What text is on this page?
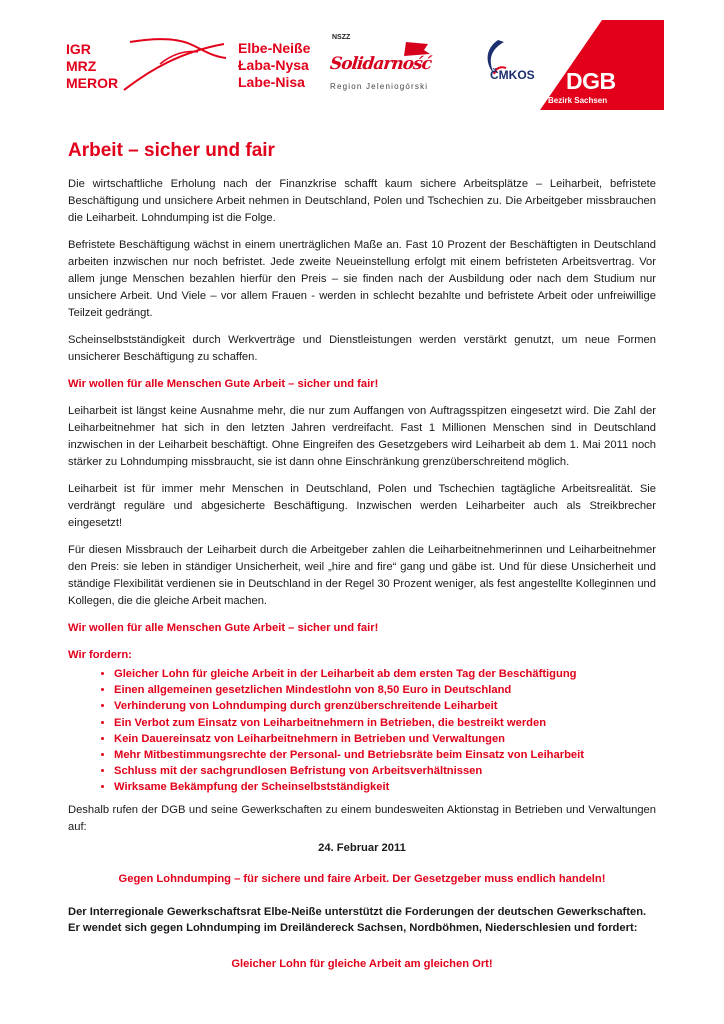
IGR
MRZ
MEROR
Elbe-Neiße
Łaba-Nysa
Labe-Nisa
NSZZ
Solidarność
Region Jeleniogórski
ČMKOS DGB
Bezirk Sachsen
Arbeit – sicher und fair

Die wirtschaftliche Erholung nach der Finanzkrise schafft kaum sichere Arbeitsplätze – Leiharbeit, befristete Beschäftigung und unsichere Arbeit nehmen in Deutschland, Polen und Tschechien zu. Die Arbeitgeber missbrauchen die Leiharbeit. Lohndumping ist die Folge.

Befristete Beschäftigung wächst in einem unerträglichen Maße an. Fast 10 Prozent der Beschäftigten in Deutschland arbeiten inzwischen nur noch befristet. Jede zweite Neueinstellung erfolgt mit einem befristeten Arbeitsvertrag. Vor allem junge Menschen bezahlen hierfür den Preis – sie finden nach der Ausbildung oder nach dem Studium nur unsichere Arbeit. Und Viele – vor allem Frauen - werden in schlecht bezahlte und befristete Arbeit oder unfreiwillige Teilzeit gedrängt.

Scheinselbstständigkeit durch Werkverträge und Dienstleistungen werden verstärkt genutzt, um neue Formen unsicherer Beschäftigung zu schaffen.

Wir wollen für alle Menschen Gute Arbeit – sicher und fair!

Leiharbeit ist längst keine Ausnahme mehr, die nur zum Auffangen von Auftragsspitzen eingesetzt wird. Die Zahl der Leiharbeitnehmer hat sich in den letzten Jahren verdreifacht. Fast 1 Millionen Menschen sind in Deutschland inzwischen in der Leiharbeit beschäftigt. Ohne Eingreifen des Gesetzgebers wird Leiharbeit ab dem 1. Mai 2011 noch stärker zu Lohndumping missbraucht, sie ist dann ohne Einschränkung grenzüberschreitend möglich.

Leiharbeit ist für immer mehr Menschen in Deutschland, Polen und Tschechien tagtägliche Arbeitsrealität. Sie verdrängt reguläre und abgesicherte Beschäftigung. Inzwischen werden Leiharbeiter auch als Streikbrecher eingesetzt!

Für diesen Missbrauch der Leiharbeit durch die Arbeitgeber zahlen die Leiharbeitnehmerinnen und Leiharbeitnehmer den Preis: sie leben in ständiger Unsicherheit, weil „hire and fire“ gang und gäbe ist. Und für diese Unsicherheit und ständige Flexibilität verdienen sie in Deutschland in der Regel 30 Prozent weniger, als fest angestellte Kolleginnen und Kollegen, die die gleiche Arbeit machen.

Wir wollen für alle Menschen Gute Arbeit – sicher und fair!

Wir fordern:

• Gleicher Lohn für gleiche Arbeit in der Leiharbeit ab dem ersten Tag der Beschäftigung
• Einen allgemeinen gesetzlichen Mindestlohn von 8,50 Euro in Deutschland
• Verhinderung von Lohndumping durch grenzüberschreitende Leiharbeit
• Ein Verbot zum Einsatz von Leiharbeitnehmern in Betrieben, die bestreikt werden
• Kein Dauereinsatz von Leiharbeitnehmern in Betrieben und Verwaltungen
• Mehr Mitbestimmungsrechte der Personal- und Betriebsräte beim Einsatz von Leiharbeit
• Schluss mit der sachgrundlosen Befristung von Arbeitsverhältnissen
• Wirksame Bekämpfung der Scheinselbstständigkeit

Deshalb rufen der DGB und seine Gewerkschaften zu einem bundesweiten Aktionstag in Betrieben und Verwaltungen auf:

24. Februar 2011

Gegen Lohndumping – für sichere und faire Arbeit. Der Gesetzgeber muss endlich handeln!

Der Interregionale Gewerkschaftsrat Elbe-Neiße unterstützt die Forderungen der deutschen Gewerkschaften. Er wendet sich gegen Lohndumping im Dreiländereck Sachsen, Nordböhmen, Niederschlesien und fordert:

Gleicher Lohn für gleiche Arbeit am gleichen Ort!
